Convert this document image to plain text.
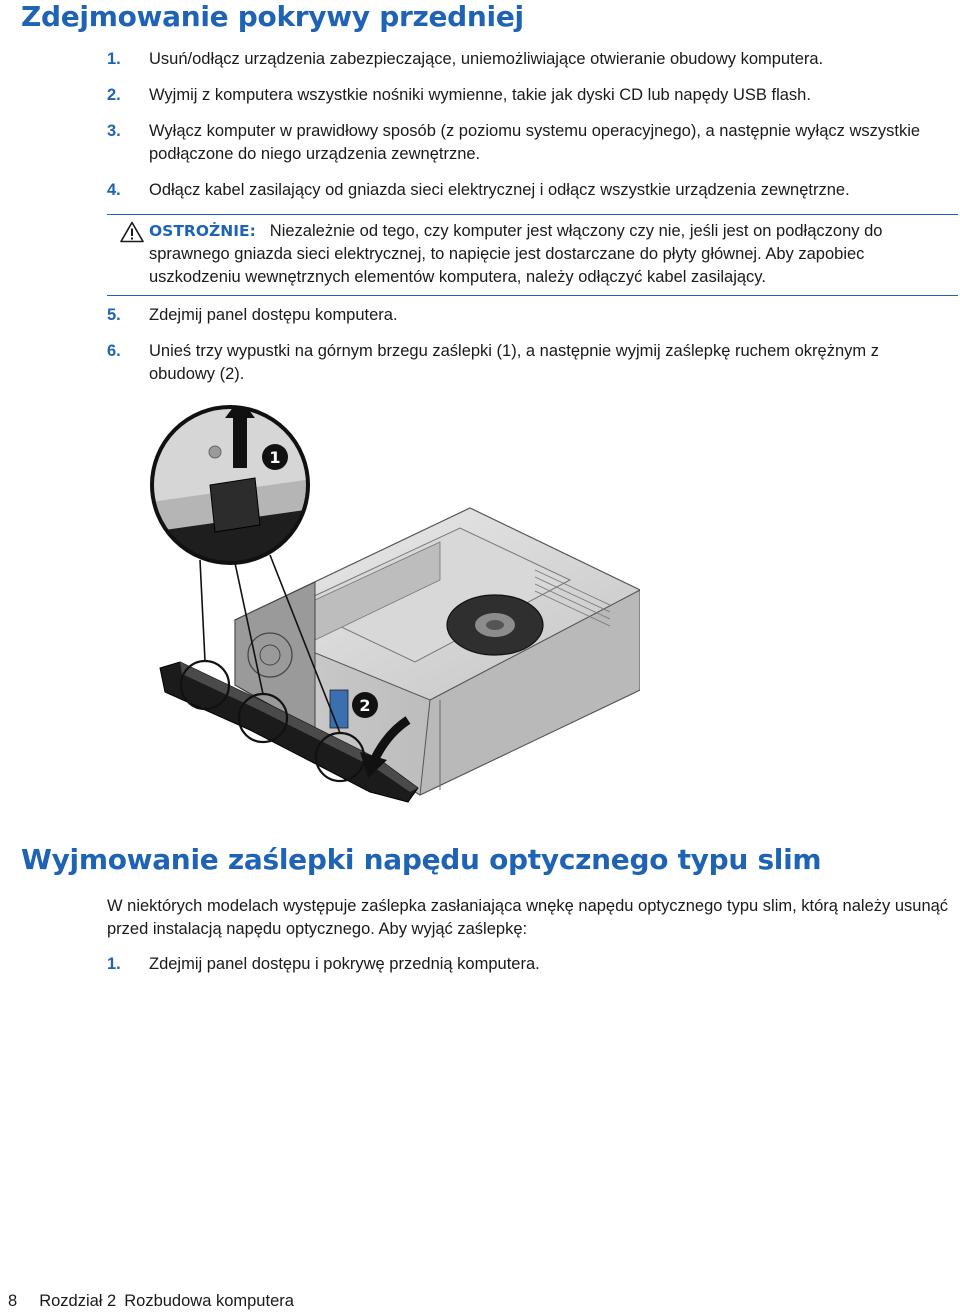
Zdejmowanie pokrywy przedniej
1. Usuń/odłącz urządzenia zabezpieczające, uniemożliwiające otwieranie obudowy komputera.
2. Wyjmij z komputera wszystkie nośniki wymienne, takie jak dyski CD lub napędy USB flash.
3. Wyłącz komputer w prawidłowy sposób (z poziomu systemu operacyjnego), a następnie wyłącz wszystkie podłączone do niego urządzenia zewnętrzne.
4. Odłącz kabel zasilający od gniazda sieci elektrycznej i odłącz wszystkie urządzenia zewnętrzne.
OSTROŻNIE: Niezależnie od tego, czy komputer jest włączony czy nie, jeśli jest on podłączony do sprawnego gniazda sieci elektrycznej, to napięcie jest dostarczane do płyty głównej. Aby zapobiec uszkodzeniu wewnętrznych elementów komputera, należy odłączyć kabel zasilający.
5. Zdejmij panel dostępu komputera.
6. Unieś trzy wypustki na górnym brzegu zaślepki (1), a następnie wyjmij zaślepkę ruchem okrężnym z obudowy (2).
1
2
Wyjmowanie zaślepki napędu optycznego typu slim
W niektórych modelach występuje zaślepka zasłaniająca wnękę napędu optycznego typu slim, którą należy usunąć przed instalacją napędu optycznego. Aby wyjąć zaślepkę:
1. Zdejmij panel dostępu i pokrywę przednią komputera.
8 Rozdział 2 Rozbudowa komputera
